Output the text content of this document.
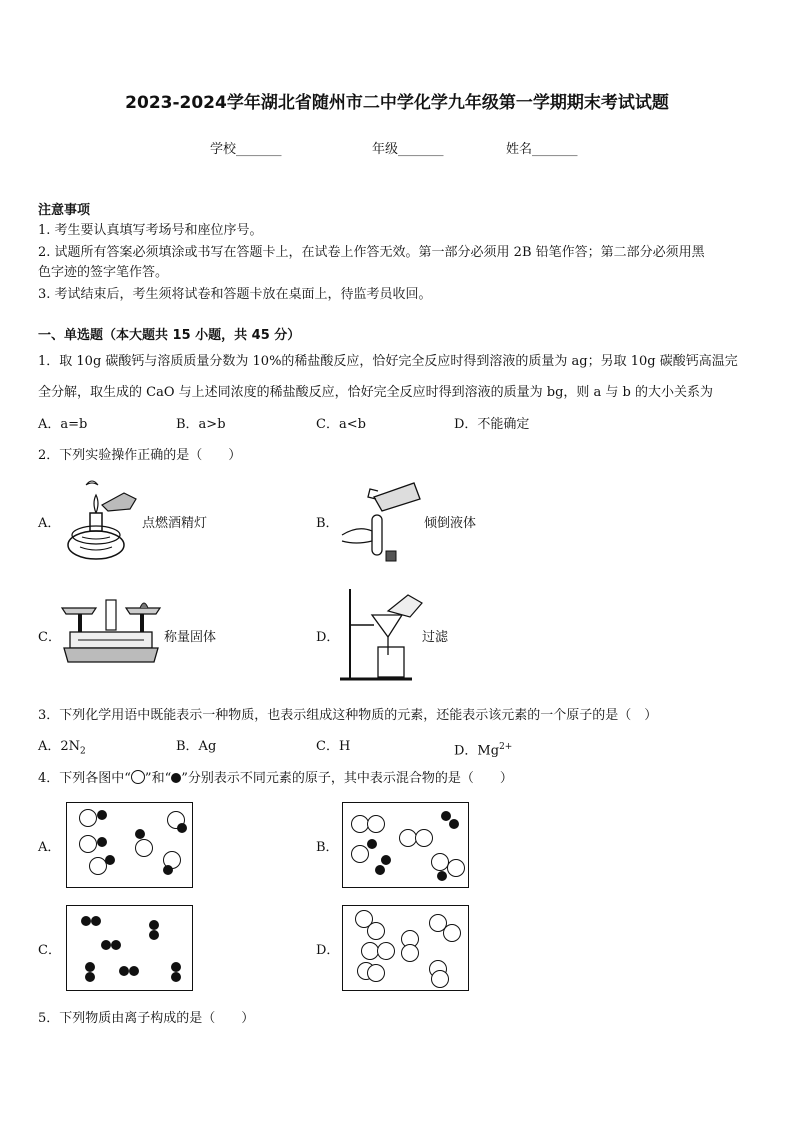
2023-2024学年湖北省随州市二中学化学九年级第一学期期末考试试题
学校_______	年级_______	姓名_______
注意事项
1. 考生要认真填写考场号和座位序号。
2. 试题所有答案必须填涂或书写在答题卡上，在试卷上作答无效。第一部分必须用 2B 铅笔作答；第二部分必须用黑
色字迹的签字笔作答。
3. 考试结束后，考生须将试卷和答题卡放在桌面上，待监考员收回。
一、单选题（本大题共 15 小题，共 45 分）
1．取 10g 碳酸钙与溶质质量分数为 10%的稀盐酸反应，恰好完全反应时得到溶液的质量为 ag；另取 10g 碳酸钙高温完
全分解，取生成的 CaO 与上述同浓度的稀盐酸反应，恰好完全反应时得到溶液的质量为 bg，则 a 与 b 的大小关系为
A．a=b	B．a>b	C．a<b	D．不能确定
2．下列实验操作正确的是（　　）
A．	点燃酒精灯	B．	倾倒液体
C．	称量固体	D．	过滤
3．下列化学用语中既能表示一种物质，也表示组成这种物质的元素，还能表示该元素的一个原子的是（　）
A．$2N_2$	B．Ag	C．H	D．$Mg^{2+}$
4．下列各图中“ ”和“ ”分别表示不同元素的原子，其中表示混合物的是（　　）
A．	B．
C．	D．
5．下列物质由离子构成的是（　　）
